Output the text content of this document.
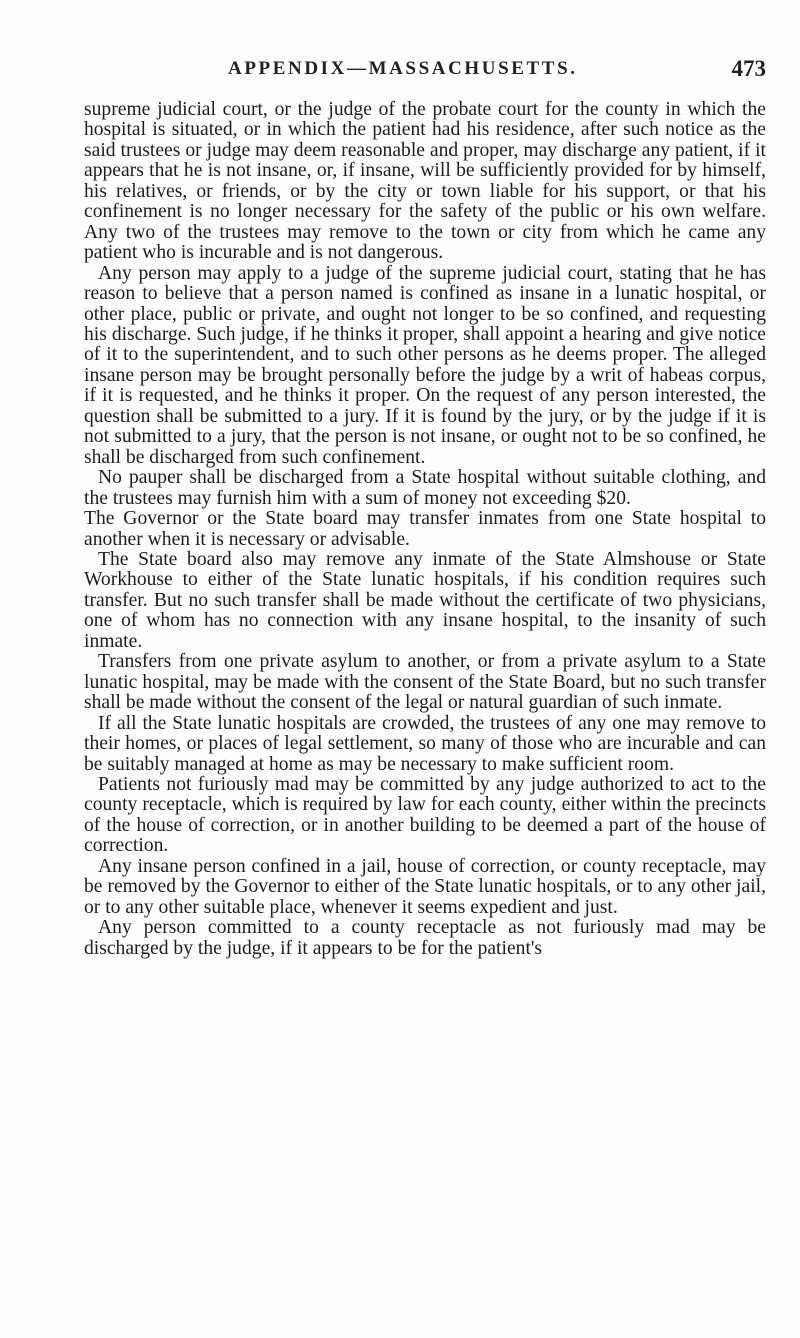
APPENDIX—MASSACHUSETTS.	473

supreme judicial court, or the judge of the probate court for the county in which the hospital is situated, or in which the patient had his residence, after such notice as the said trustees or judge may deem reasonable and proper, may discharge any patient, if it appears that he is not insane, or, if insane, will be sufficiently provided for by himself, his relatives, or friends, or by the city or town liable for his support, or that his confinement is no longer necessary for the safety of the public or his own welfare. Any two of the trustees may remove to the town or city from which he came any patient who is incurable and is not dangerous.

Any person may apply to a judge of the supreme judicial court, stating that he has reason to believe that a person named is confined as insane in a lunatic hospital, or other place, public or private, and ought not longer to be so confined, and requesting his discharge. Such judge, if he thinks it proper, shall appoint a hearing and give notice of it to the superintendent, and to such other persons as he deems proper. The alleged insane person may be brought personally before the judge by a writ of habeas corpus, if it is requested, and he thinks it proper. On the request of any person interested, the question shall be submitted to a jury. If it is found by the jury, or by the judge if it is not submitted to a jury, that the person is not insane, or ought not to be so confined, he shall be discharged from such confinement.

No pauper shall be discharged from a State hospital without suitable clothing, and the trustees may furnish him with a sum of money not exceeding $20.

The Governor or the State board may transfer inmates from one State hospital to another when it is necessary or advisable.

The State board also may remove any inmate of the State Almshouse or State Workhouse to either of the State lunatic hospitals, if his condition requires such transfer. But no such transfer shall be made without the certificate of two physicians, one of whom has no connection with any insane hospital, to the insanity of such inmate.

Transfers from one private asylum to another, or from a private asylum to a State lunatic hospital, may be made with the consent of the State Board, but no such transfer shall be made without the consent of the legal or natural guardian of such inmate.

If all the State lunatic hospitals are crowded, the trustees of any one may remove to their homes, or places of legal settlement, so many of those who are incurable and can be suitably managed at home as may be necessary to make sufficient room.

Patients not furiously mad may be committed by any judge authorized to act to the county receptacle, which is required by law for each county, either within the precincts of the house of correction, or in another building to be deemed a part of the house of correction.

Any insane person confined in a jail, house of correction, or county receptacle, may be removed by the Governor to either of the State lunatic hospitals, or to any other jail, or to any other suitable place, whenever it seems expedient and just.

Any person committed to a county receptacle as not furiously mad may be discharged by the judge, if it appears to be for the patient's
